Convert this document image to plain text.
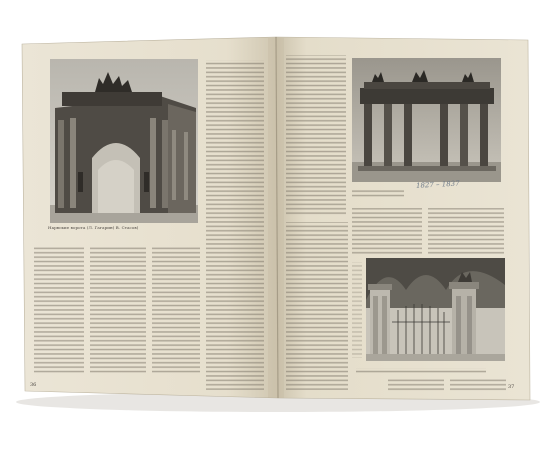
Нарвские ворота (Л. Гагарин) В. Стасов)
1827 – 1837
36	37
